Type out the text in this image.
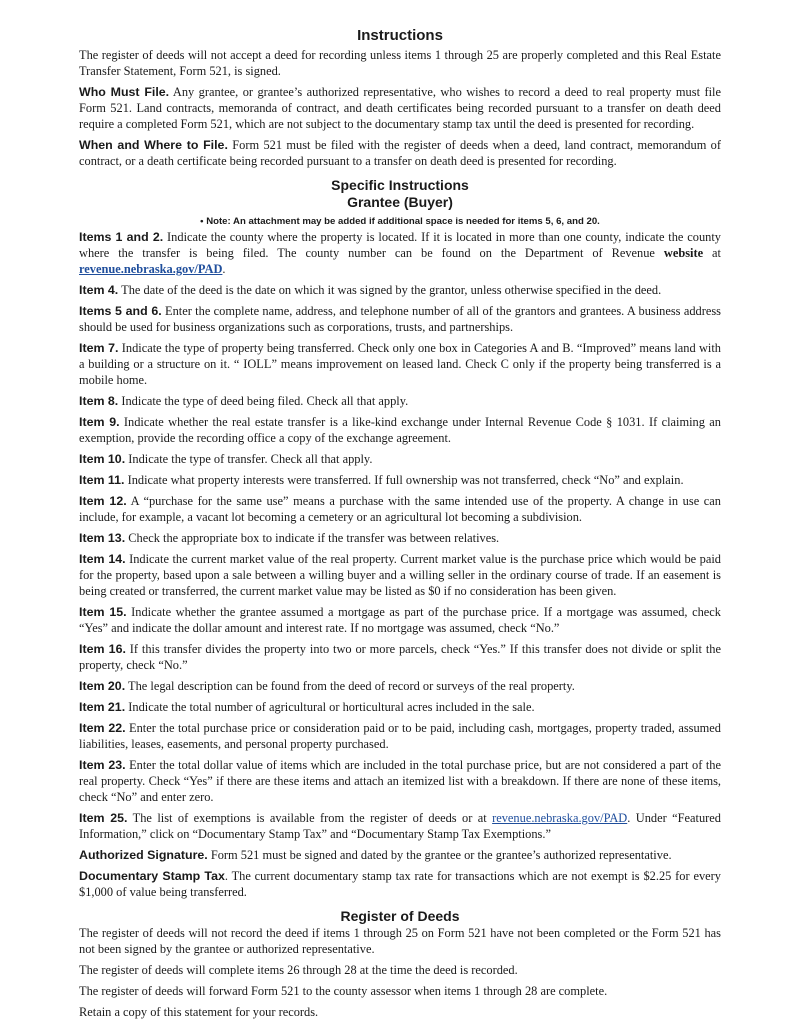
Instructions

The register of deeds will not accept a deed for recording unless items 1 through 25 are properly completed and this Real Estate Transfer Statement, Form 521, is signed.

Who Must File. Any grantee, or grantee’s authorized representative, who wishes to record a deed to real property must file Form 521. Land contracts, memoranda of contract, and death certificates being recorded pursuant to a transfer on death deed require a completed Form 521, which are not subject to the documentary stamp tax until the deed is presented for recording.

When and Where to File. Form 521 must be filed with the register of deeds when a deed, land contract, memorandum of contract, or a death certificate being recorded pursuant to a transfer on death deed is presented for recording.

Specific Instructions
Grantee (Buyer)
• Note: An attachment may be added if additional space is needed for items 5, 6, and 20.

Items 1 and 2. Indicate the county where the property is located. If it is located in more than one county, indicate the county where the transfer is being filed. The county number can be found on the Department of Revenue website at revenue.nebraska.gov/PAD.

Item 4. The date of the deed is the date on which it was signed by the grantor, unless otherwise specified in the deed.

Items 5 and 6. Enter the complete name, address, and telephone number of all of the grantors and grantees. A business address should be used for business organizations such as corporations, trusts, and partnerships.

Item 7. Indicate the type of property being transferred. Check only one box in Categories A and B. “Improved” means land with a building or a structure on it. “ IOLL” means improvement on leased land. Check C only if the property being transferred is a mobile home.

Item 8. Indicate the type of deed being filed. Check all that apply.

Item 9. Indicate whether the real estate transfer is a like-kind exchange under Internal Revenue Code § 1031. If claiming an exemption, provide the recording office a copy of the exchange agreement.

Item 10. Indicate the type of transfer. Check all that apply.

Item 11. Indicate what property interests were transferred. If full ownership was not transferred, check “No” and explain.

Item 12. A “purchase for the same use” means a purchase with the same intended use of the property. A change in use can include, for example, a vacant lot becoming a cemetery or an agricultural lot becoming a subdivision.

Item 13. Check the appropriate box to indicate if the transfer was between relatives.

Item 14. Indicate the current market value of the real property. Current market value is the purchase price which would be paid for the property, based upon a sale between a willing buyer and a willing seller in the ordinary course of trade. If an easement is being created or transferred, the current market value may be listed as $0 if no consideration has been given.

Item 15. Indicate whether the grantee assumed a mortgage as part of the purchase price. If a mortgage was assumed, check “Yes” and indicate the dollar amount and interest rate. If no mortgage was assumed, check “No.”

Item 16. If this transfer divides the property into two or more parcels, check “Yes.” If this transfer does not divide or split the property, check “No.”

Item 20. The legal description can be found from the deed of record or surveys of the real property.

Item 21. Indicate the total number of agricultural or horticultural acres included in the sale.

Item 22. Enter the total purchase price or consideration paid or to be paid, including cash, mortgages, property traded, assumed liabilities, leases, easements, and personal property purchased.

Item 23. Enter the total dollar value of items which are included in the total purchase price, but are not considered a part of the real property. Check “Yes” if there are these items and attach an itemized list with a breakdown. If there are none of these items, check “No” and enter zero.

Item 25. The list of exemptions is available from the register of deeds or at revenue.nebraska.gov/PAD. Under “Featured Information,” click on “Documentary Stamp Tax” and “Documentary Stamp Tax Exemptions.”

Authorized Signature. Form 521 must be signed and dated by the grantee or the grantee’s authorized representative.

Documentary Stamp Tax. The current documentary stamp tax rate for transactions which are not exempt is $2.25 for every $1,000 of value being transferred.

Register of Deeds

The register of deeds will not record the deed if items 1 through 25 on Form 521 have not been completed or the Form 521 has not been signed by the grantee or authorized representative.

The register of deeds will complete items 26 through 28 at the time the deed is recorded.

The register of deeds will forward Form 521 to the county assessor when items 1 through 28 are complete.

Retain a copy of this statement for your records.
